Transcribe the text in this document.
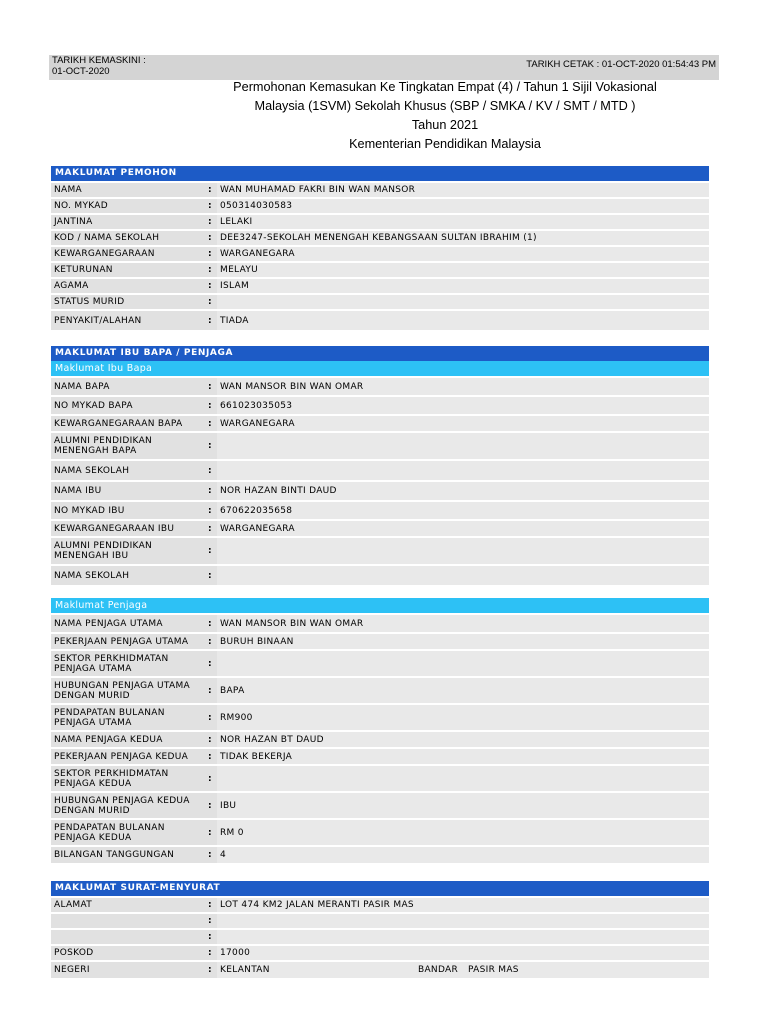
TARIKH KEMASKINI :
01-OCT-2020
TARIKH CETAK : 01-OCT-2020 01:54:43 PM
Permohonan Kemasukan Ke Tingkatan Empat (4) / Tahun 1 Sijil Vokasional
Malaysia (1SVM) Sekolah Khusus (SBP / SMKA / KV / SMT / MTD )
Tahun 2021
Kementerian Pendidikan Malaysia
MAKLUMAT PEMOHON
NAMA	: WAN MUHAMAD FAKRI BIN WAN MANSOR
NO. MYKAD	: 050314030583
JANTINA	: LELAKI
KOD / NAMA SEKOLAH	: DEE3247-SEKOLAH MENENGAH KEBANGSAAN SULTAN IBRAHIM (1)
KEWARGANEGARAAN	: WARGANEGARA
KETURUNAN	: MELAYU
AGAMA	: ISLAM
STATUS MURID	:
PENYAKIT/ALAHAN	: TIADA
MAKLUMAT IBU BAPA / PENJAGA
Maklumat Ibu Bapa
NAMA BAPA	: WAN MANSOR BIN WAN OMAR
NO MYKAD BAPA	: 661023035053
KEWARGANEGARAAN BAPA	: WARGANEGARA
ALUMNI PENDIDIKAN MENENGAH BAPA	:
NAMA SEKOLAH	:
NAMA IBU	: NOR HAZAN BINTI DAUD
NO MYKAD IBU	: 670622035658
KEWARGANEGARAAN IBU	: WARGANEGARA
ALUMNI PENDIDIKAN MENENGAH IBU	:
NAMA SEKOLAH	:
Maklumat Penjaga
NAMA PENJAGA UTAMA	: WAN MANSOR BIN WAN OMAR
PEKERJAAN PENJAGA UTAMA	: BURUH BINAAN
SEKTOR PERKHIDMATAN PENJAGA UTAMA	:
HUBUNGAN PENJAGA UTAMA DENGAN MURID	: BAPA
PENDAPATAN BULANAN PENJAGA UTAMA	: RM900
NAMA PENJAGA KEDUA	: NOR HAZAN BT DAUD
PEKERJAAN PENJAGA KEDUA	: TIDAK BEKERJA
SEKTOR PERKHIDMATAN PENJAGA KEDUA	:
HUBUNGAN PENJAGA KEDUA DENGAN MURID	: IBU
PENDAPATAN BULANAN PENJAGA KEDUA	: RM 0
BILANGAN TANGGUNGAN	: 4
MAKLUMAT SURAT-MENYURAT
ALAMAT	: LOT 474 KM2 JALAN MERANTI PASIR MAS
:
:
POSKOD	: 17000
NEGERI	: KELANTAN	BANDAR PASIR MAS
